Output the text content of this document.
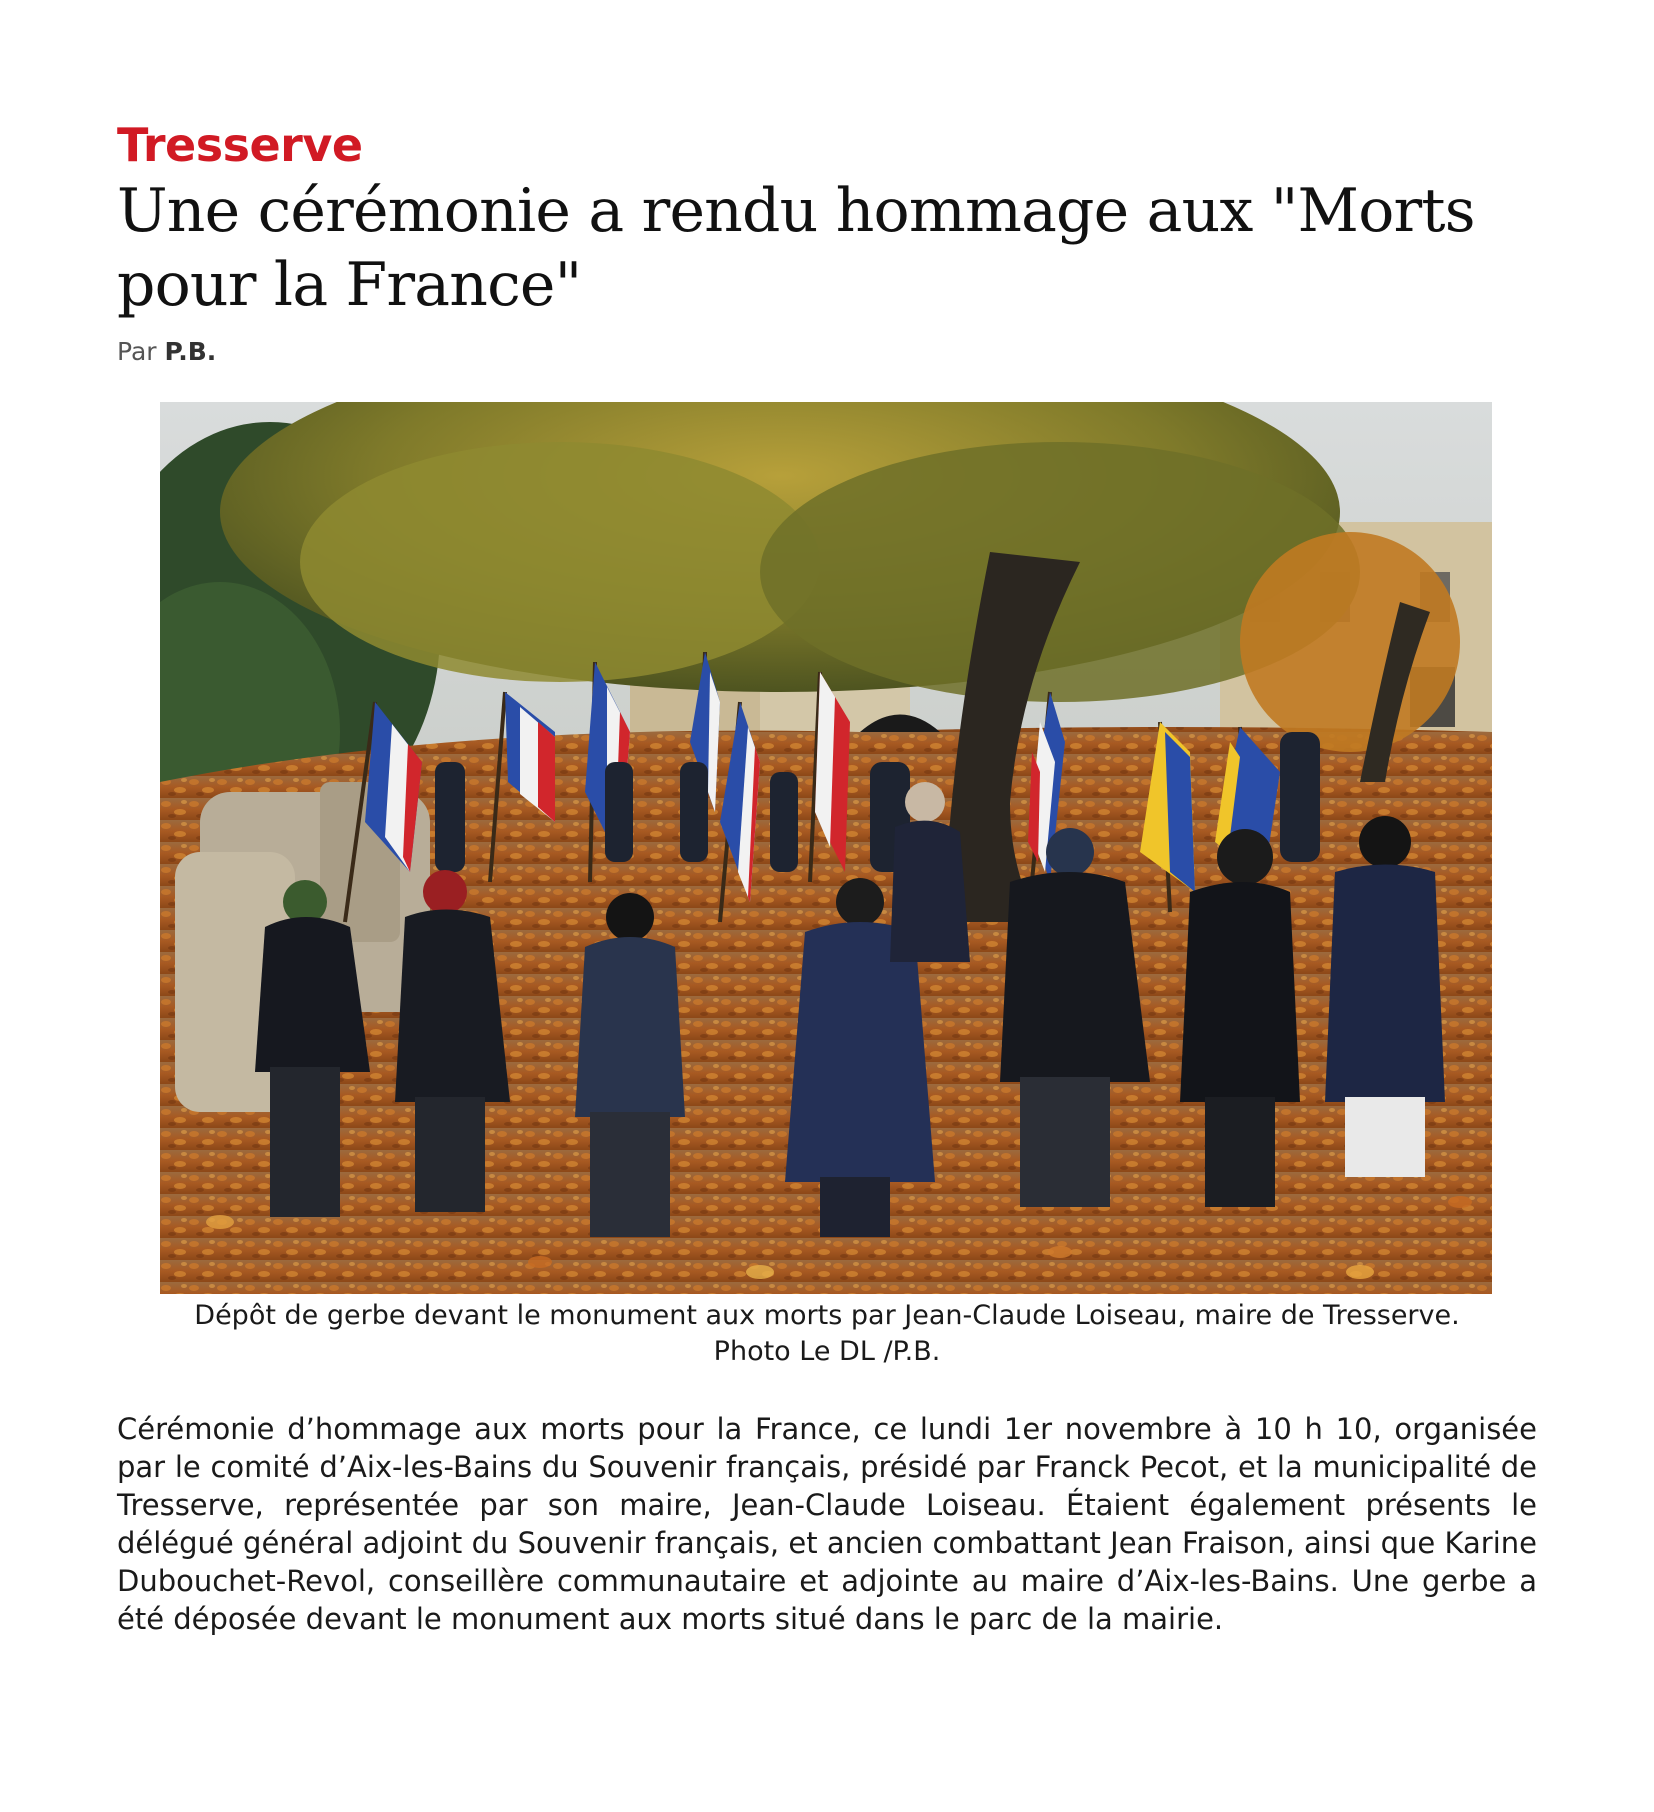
Tresserve
Une cérémonie a rendu hommage aux "Morts pour la France"
Par P.B.
Dépôt de gerbe devant le monument aux morts par Jean-Claude Loiseau, maire de Tresserve.
Photo Le DL /P.B.

Cérémonie d’hommage aux morts pour la France, ce lundi 1er novembre à 10 h 10, organisée par le comité d’Aix-les-Bains du Souvenir français, présidé par Franck Pecot, et la municipalité de Tresserve, représentée par son maire, Jean-Claude Loiseau. Étaient également présents le délégué général adjoint du Souvenir français, et ancien combattant Jean Fraison, ainsi que Karine Dubouchet-Revol, conseillère communautaire et adjointe au maire d’Aix-les-Bains. Une gerbe a été déposée devant le monument aux morts situé dans le parc de la mairie.
